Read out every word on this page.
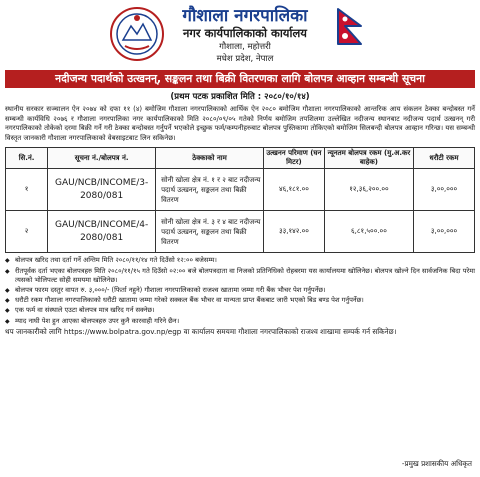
गौशाला नगरपालिका
नगर कार्यपालिकाको कार्यालय
गौशाला, महोत्तरी
मधेश प्रदेश, नेपाल
नदीजन्य पदार्थको उत्खनन्, सङ्कलन तथा बिक्री वितरणका लागि बोलपत्र आव्हान सम्बन्धी सूचना
(प्रथम पटक प्रकाशित मिति : २०८०/१०/१४)

स्थानीय सरकार सञ्चालन ऐन २०७४ को दफा ११ (४) बमोजिम गौशाला नगरपालिकाको आर्थिक ऐन २०८० बमोजिम गौशाला नगरपालिकाको आन्तरिक आय संकलन ठेक्का बन्दोबस्त गर्ने सम्बन्धी कार्यविधि २०७६ र गौशाला नगरपालिका नगर कार्यपालिकाको मिति २०८०/०९/०५ गतेको निर्णय बमोजिम तपशिलमा उल्लेखित नदीजन्य स्थानबाट नदीजन्य पदार्थ उत्खनन् गरी नगरपालिकाको तोकेको दरमा बिक्री गर्ने गरी ठेक्का बन्दोबस्त गर्नुपर्ने भएकोले इच्छुक फर्म/कम्पनीहरुबाट बोलपत्र पुस्तिकामा तोकिएको बमोजिम सिलबन्दी बोलपत्र आव्हान गरिन्छ। यस सम्बन्धी विस्तृत जानकारी गौशाला नगरपालिकाको वेबसाइटबाट लिन सकिनेछ।

सि.नं.	सूचना नं./बोलपत्र नं.	ठेक्काको नाम	उत्खनन परिमाण (घन मिटर)	न्यूनतम बोलपत्र रकम (मु.अ.कर बाहेक)	धरौटी रकम
१	GAU/NCB/INCOME/3-2080/081	सोनी खोला क्षेत्र नं. १ र २ बाट नदीजन्य पदार्थ उत्खनन्, सङ्कलन तथा बिक्री वितरण	४६,१८१.००	१२,३६,२००.००	३,००,०००
२	GAU/NCB/INCOME/4-2080/081	सोनी खोला क्षेत्र नं. ३ र ४ बाट नदीजन्य पदार्थ उत्खनन्, सङ्कलन तथा बिक्री वितरण	३३,१४२.००	६,८१,५००.००	३,००,०००
◆ बोलपत्र खरिद तथा दर्ता गर्ने अन्तिम मिति २०८०/११/१४ गते दिउँसो १२:०० बजेसम्म।
◆ रीतपूर्वक दर्ता भएका बोलपत्रहरु मिति २०८०/११/१५ गते दिउँसो ०२:०० बजे बोलपत्रदाता वा निजको प्रतिनिधिको रोहबरमा यस कार्यालयमा खोलिनेछ। बोलपत्र खोल्ने दिन सार्वजनिक बिदा परेमा त्यसको भोलिपल्ट सोही समयमा खोलिनेछ।
◆ बोलपत्र फारम दस्तुर वापत रु. ३,०००/- (फिर्ता नहुने) गौशाला नगरपालिकाको राजश्व खातामा जम्मा गरी बैंक भौचर पेश गर्नुपर्नेछ।
◆ धरौटी रकम गौशाला नगरपालिकाको धरौटी खातामा जम्मा गरेको सक्कल बैंक भौचर वा मान्यता प्राप्त बैंकबाट जारी भएको बिड बण्ड पेश गर्नुपर्नेछ।
◆ एक फर्म वा संस्थाले एउटा बोलपत्र मात्र खरिद गर्न सक्नेछ।
◆ म्याद नाघी पेश हुन आएका बोलपत्रहरु उपर कुनै कारवाही गरिने छैन।

थप जानकारीको लागि https://www.bolpatra.gov.np/egp वा कार्यालय समयमा गौशाला नगरपालिकाको राजश्व शाखामा सम्पर्क गर्न सकिनेछ।

-प्रमुख प्रशासकीय अधिकृत
